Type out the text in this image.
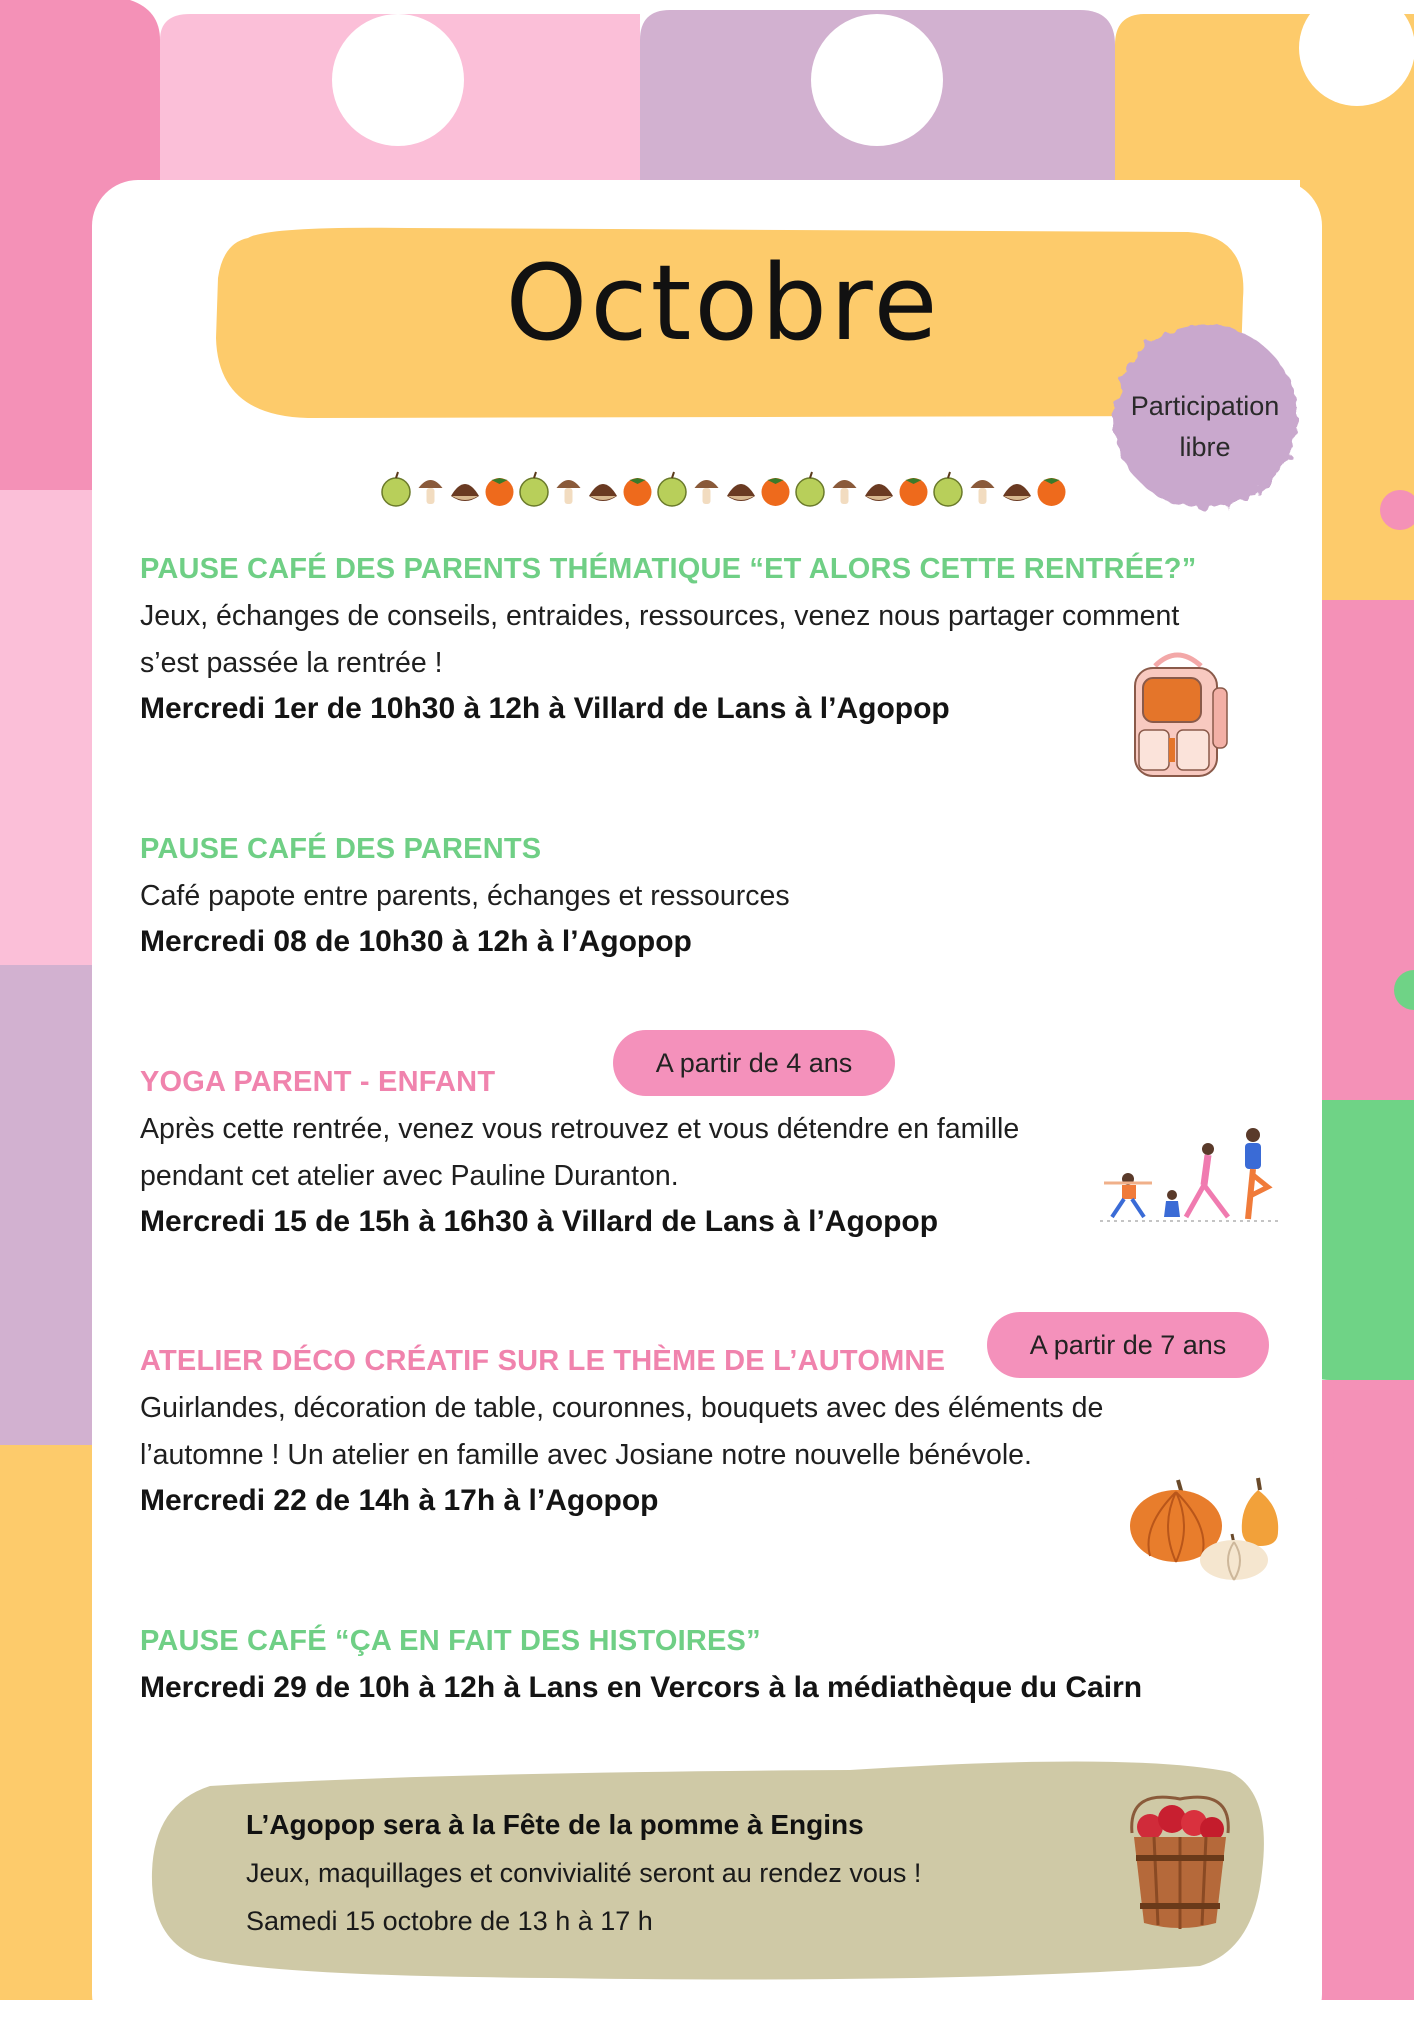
Octobre
Participation
libre
PAUSE CAFÉ DES PARENTS THÉMATIQUE “ET ALORS CETTE RENTRÉE?”

Jeux, échanges de conseils, entraides, ressources, venez nous partager comment

s’est passée la rentrée !

Mercredi 1er de 10h30 à 12h à Villard de Lans à l’Agopop

PAUSE CAFÉ DES PARENTS

Café papote entre parents, échanges et ressources

Mercredi 08 de 10h30 à 12h à l’Agopop

A partir de 4 ans
YOGA PARENT - ENFANT

Après cette rentrée, venez vous retrouvez et vous détendre en famille

pendant cet atelier avec Pauline Duranton.

Mercredi 15 de 15h à 16h30 à Villard de Lans à l’Agopop

A partir de 7 ans
ATELIER DÉCO CRÉATIF SUR LE THÈME DE L’AUTOMNE

Guirlandes, décoration de table, couronnes, bouquets avec des éléments de

l’automne ! Un atelier en famille avec Josiane notre nouvelle bénévole.

Mercredi 22 de 14h à 17h à l’Agopop

PAUSE CAFÉ “ÇA EN FAIT DES HISTOIRES”

Mercredi 29 de 10h à 12h à Lans en Vercors à la médiathèque du Cairn

L’Agopop sera à la Fête de la pomme à Engins

Jeux, maquillages et convivialité seront au rendez vous !

Samedi 15 octobre de 13 h à 17 h
